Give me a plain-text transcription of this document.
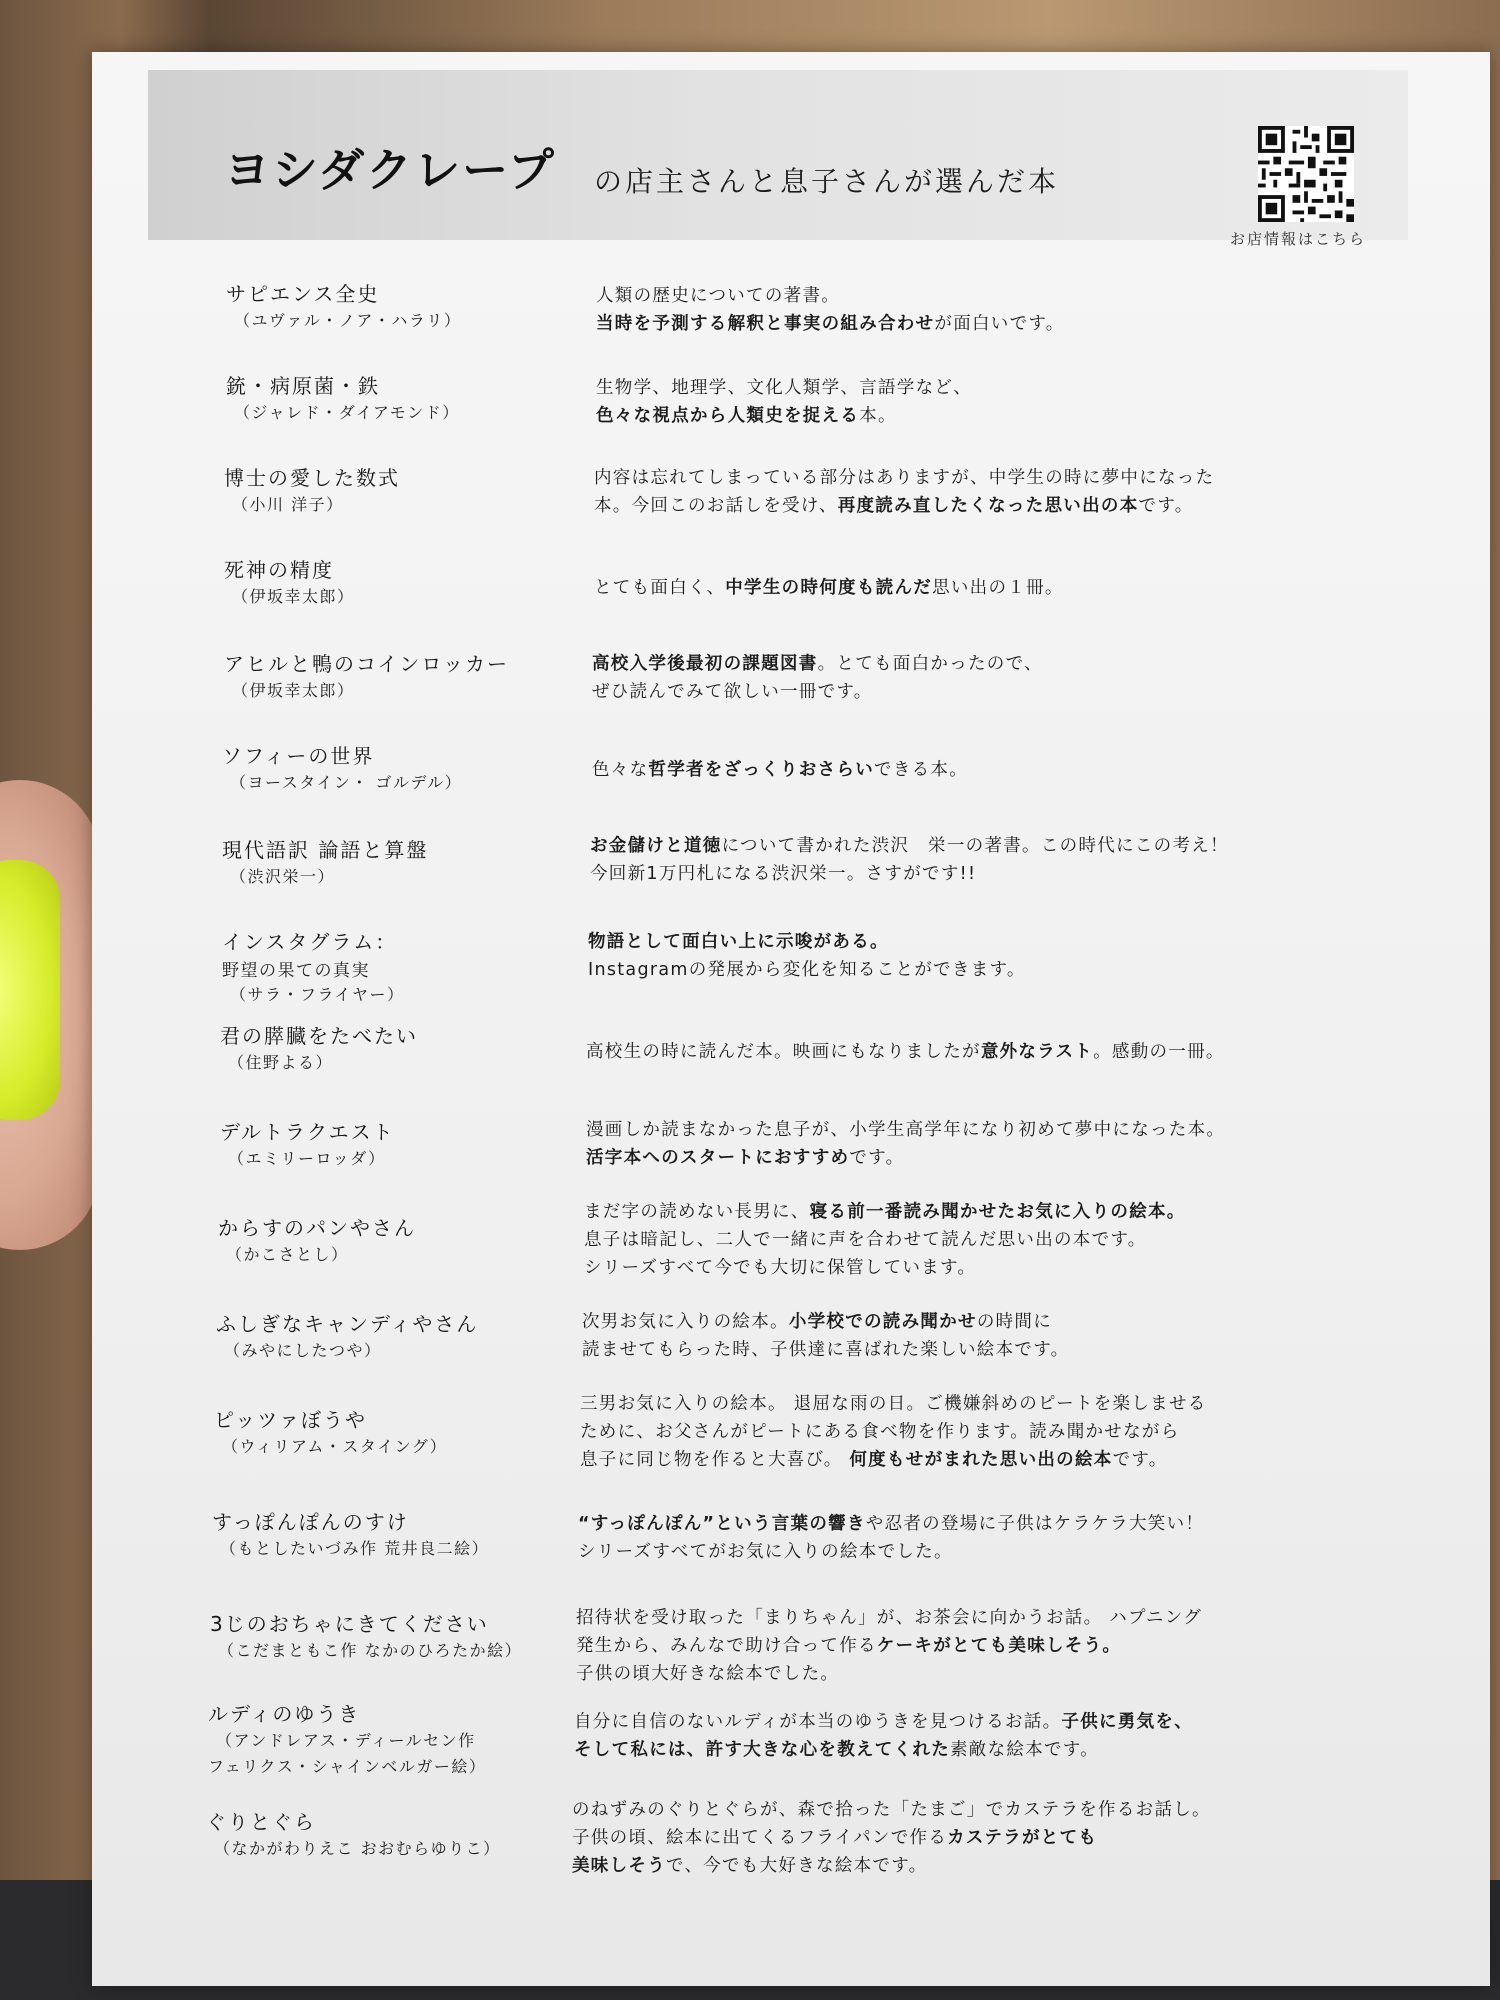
ヨシダクレープ の店主さんと息子さんが選んだ本
お店情報はこちら
サピエンス全史
（ユヴァル・ノア・ハラリ）
人類の歴史についての著書。
当時を予測する解釈と事実の組み合わせが面白いです。
銃・病原菌・鉄
（ジャレド・ダイアモンド）
生物学、地理学、文化人類学、言語学など、
色々な視点から人類史を捉える本。
博士の愛した数式
（小川 洋子）
内容は忘れてしまっている部分はありますが、中学生の時に夢中になった
本。今回このお話しを受け、再度読み直したくなった思い出の本です。
死神の精度
（伊坂幸太郎）	とても面白く、中学生の時何度も読んだ思い出の１冊。
アヒルと鴨のコインロッカー
（伊坂幸太郎）
高校入学後最初の課題図書。とても面白かったので、
ぜひ読んでみて欲しい一冊です。
ソフィーの世界
（ヨースタイン・ ゴルデル）
色々な哲学者をざっくりおさらいできる本。
現代語訳 論語と算盤
（渋沢栄一）
お金儲けと道徳について書かれた渋沢　栄一の著書。この時代にこの考え！
今回新1万円札になる渋沢栄一。さすがです!!
インスタグラム：
野望の果ての真実
（サラ・フライヤー）
物語として面白い上に示唆がある。
Instagramの発展から変化を知ることができます。
君の膵臓をたべたい
（住野よる）
高校生の時に読んだ本。映画にもなりましたが意外なラスト。感動の一冊。
デルトラクエスト
（エミリーロッダ）
漫画しか読まなかった息子が、小学生高学年になり初めて夢中になった本。
活字本へのスタートにおすすめです。
からすのパンやさん
（かこさとし）
まだ字の読めない長男に、寝る前一番読み聞かせたお気に入りの絵本。
息子は暗記し、二人で一緒に声を合わせて読んだ思い出の本です。
シリーズすべて今でも大切に保管しています。
ふしぎなキャンディやさん
（みやにしたつや）
次男お気に入りの絵本。小学校での読み聞かせの時間に
読ませてもらった時、子供達に喜ばれた楽しい絵本です。
ピッツァぼうや
（ウィリアム・スタイング）
三男お気に入りの絵本。 退屈な雨の日。ご機嫌斜めのピートを楽しませる
ために、お父さんがピートにある食べ物を作ります。読み聞かせながら
息子に同じ物を作ると大喜び。 何度もせがまれた思い出の絵本です。
すっぽんぽんのすけ
（もとしたいづみ作 荒井良二絵）
“すっぽんぽん”という言葉の響きや忍者の登場に子供はケラケラ大笑い！
シリーズすべてがお気に入りの絵本でした。
3じのおちゃにきてください
（こだまともこ作 なかのひろたか絵）
招待状を受け取った「まりちゃん」が、お茶会に向かうお話。 ハプニング
発生から、みんなで助け合って作るケーキがとても美味しそう。
子供の頃大好きな絵本でした。
ルディのゆうき
（アンドレアス・ディールセン作
フェリクス・シャインベルガー絵）
自分に自信のないルディが本当のゆうきを見つけるお話。子供に勇気を、
そして私には、許す大きな心を教えてくれた素敵な絵本です。
ぐりとぐら
（なかがわりえこ おおむらゆりこ）
のねずみのぐりとぐらが、森で拾った「たまご」でカステラを作るお話し。
子供の頃、絵本に出てくるフライパンで作るカステラがとても
美味しそうで、今でも大好きな絵本です。
